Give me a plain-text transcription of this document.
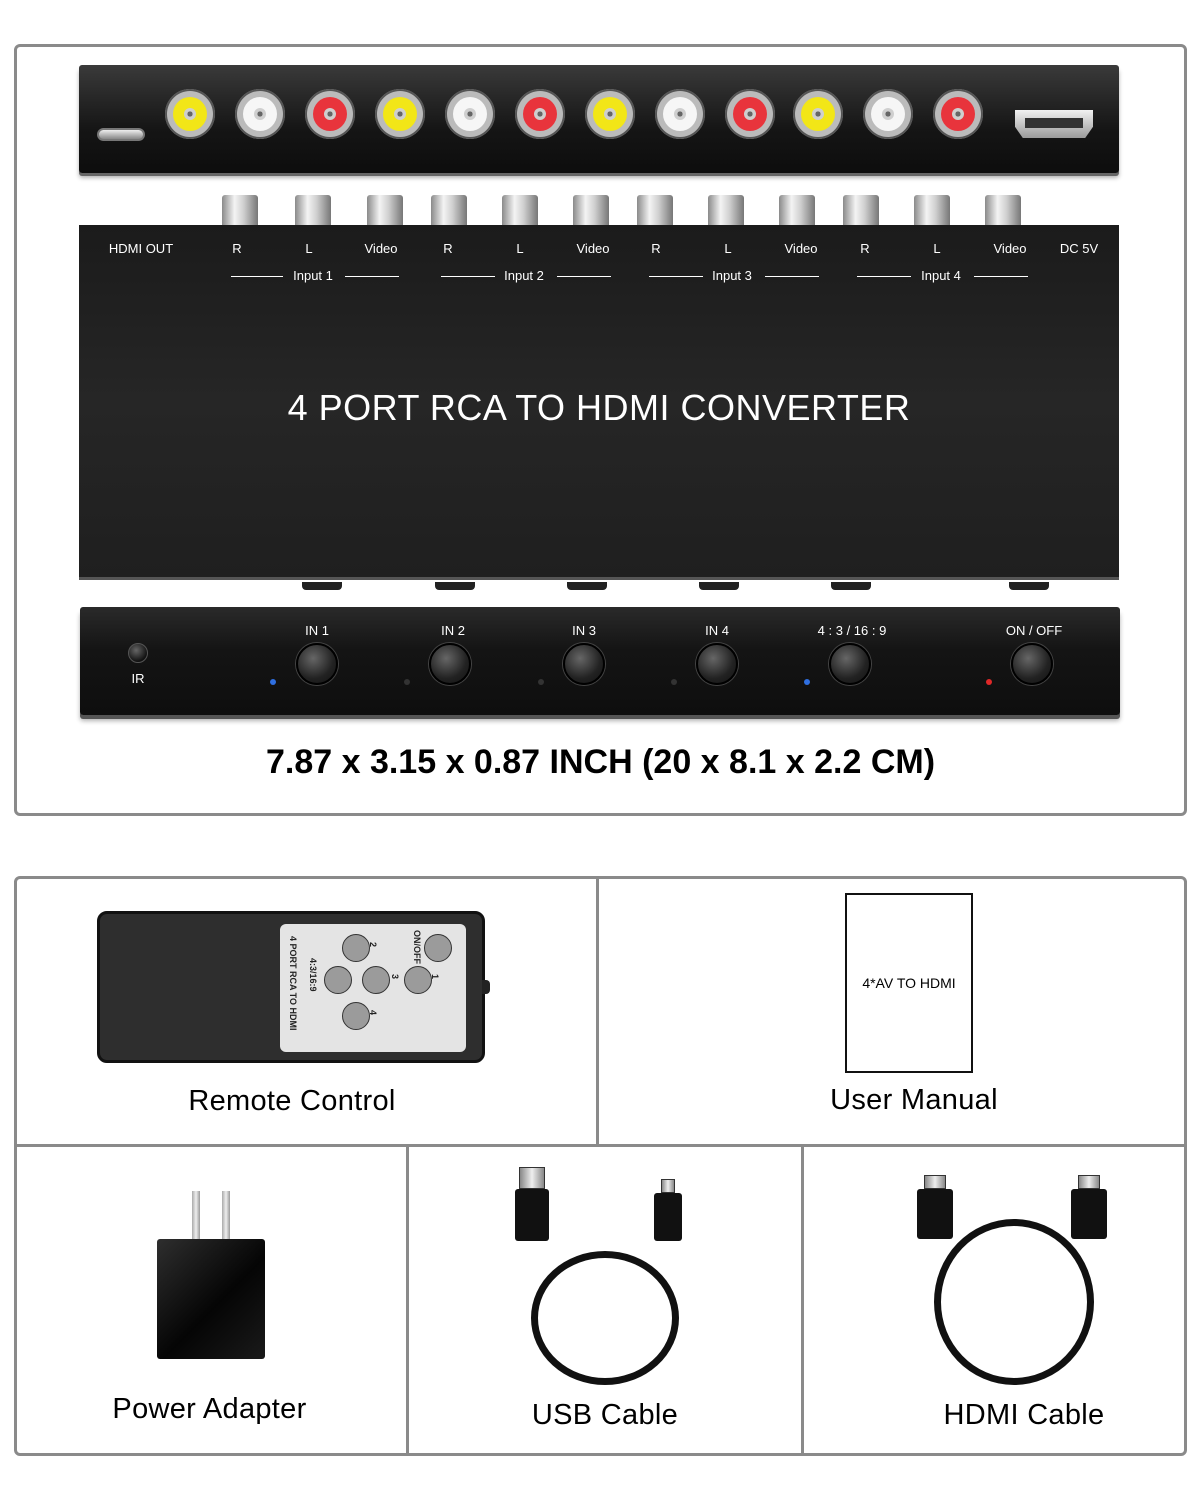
HDMI OUT	R	L	Video	R	L	Video	R	L	Video	R	L	Video	DC 5V
Input 1	Input 2	Input 3	Input 4
4 PORT RCA TO HDMI CONVERTER
IR
IN 1	IN 2	IN 3	IN 4	4 : 3 / 16 : 9	ON / OFF
7.87 x 3.15 x 0.87 INCH (20 x 8.1 x 2.2 CM)
ON/OFF
2
1
3
4
4:3/16:9
4 PORT RCA TO HDMI
Remote Control
4*AV TO HDMI
User Manual
Power Adapter	USB Cable	HDMI Cable
